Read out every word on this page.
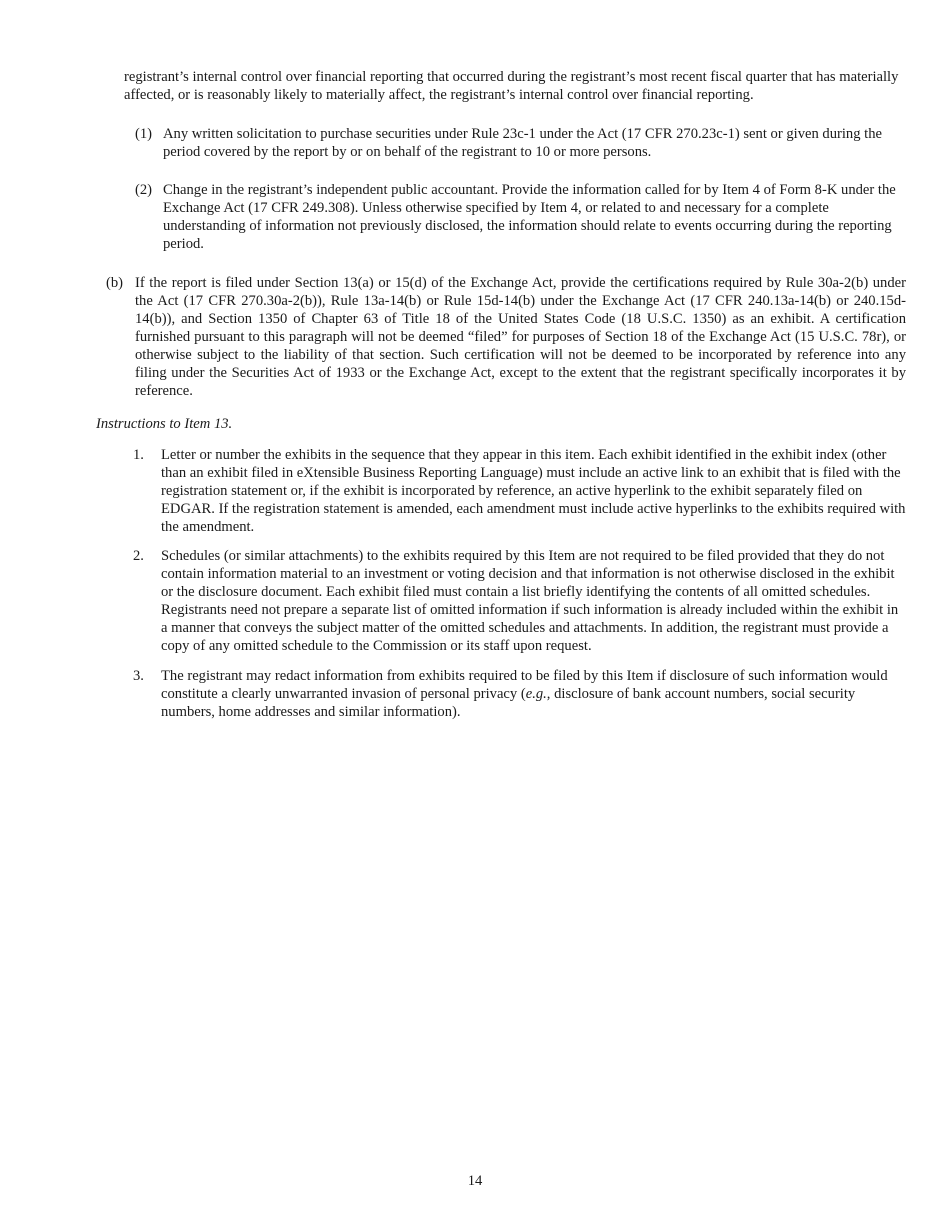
registrant’s internal control over financial reporting that occurred during the registrant’s most recent fiscal quarter that has materially affected, or is reasonably likely to materially affect, the registrant’s internal control over financial reporting.

(1) Any written solicitation to purchase securities under Rule 23c-1 under the Act (17 CFR 270.23c-1) sent or given during the period covered by the report by or on behalf of the registrant to 10 or more persons.
(2) Change in the registrant’s independent public accountant. Provide the information called for by Item 4 of Form 8-K under the Exchange Act (17 CFR 249.308). Unless otherwise specified by Item 4, or related to and necessary for a complete understanding of information not previously disclosed, the information should relate to events occurring during the reporting period.
(b) If the report is filed under Section 13(a) or 15(d) of the Exchange Act, provide the certifications required by Rule 30a-2(b) under the Act (17 CFR 270.30a-2(b)), Rule 13a-14(b) or Rule 15d-14(b) under the Exchange Act (17 CFR 240.13a-14(b) or 240.15d-14(b)), and Section 1350 of Chapter 63 of Title 18 of the United States Code (18 U.S.C. 1350) as an exhibit. A certification furnished pursuant to this paragraph will not be deemed “filed” for purposes of Section 18 of the Exchange Act (15 U.S.C. 78r), or otherwise subject to the liability of that section. Such certification will not be deemed to be incorporated by reference into any filing under the Securities Act of 1933 or the Exchange Act, except to the extent that the registrant specifically incorporates it by reference.
Instructions to Item 13.
1. Letter or number the exhibits in the sequence that they appear in this item. Each exhibit identified in the exhibit index (other than an exhibit filed in eXtensible Business Reporting Language) must include an active link to an exhibit that is filed with the registration statement or, if the exhibit is incorporated by reference, an active hyperlink to the exhibit separately filed on EDGAR. If the registration statement is amended, each amendment must include active hyperlinks to the exhibits required with the amendment.
2. Schedules (or similar attachments) to the exhibits required by this Item are not required to be filed provided that they do not contain information material to an investment or voting decision and that information is not otherwise disclosed in the exhibit or the disclosure document. Each exhibit filed must contain a list briefly identifying the contents of all omitted schedules. Registrants need not prepare a separate list of omitted information if such information is already included within the exhibit in a manner that conveys the subject matter of the omitted schedules and attachments. In addition, the registrant must provide a copy of any omitted schedule to the Commission or its staff upon request.
3. The registrant may redact information from exhibits required to be filed by this Item if disclosure of such information would constitute a clearly unwarranted invasion of personal privacy (e.g., disclosure of bank account numbers, social security numbers, home addresses and similar information).
14
